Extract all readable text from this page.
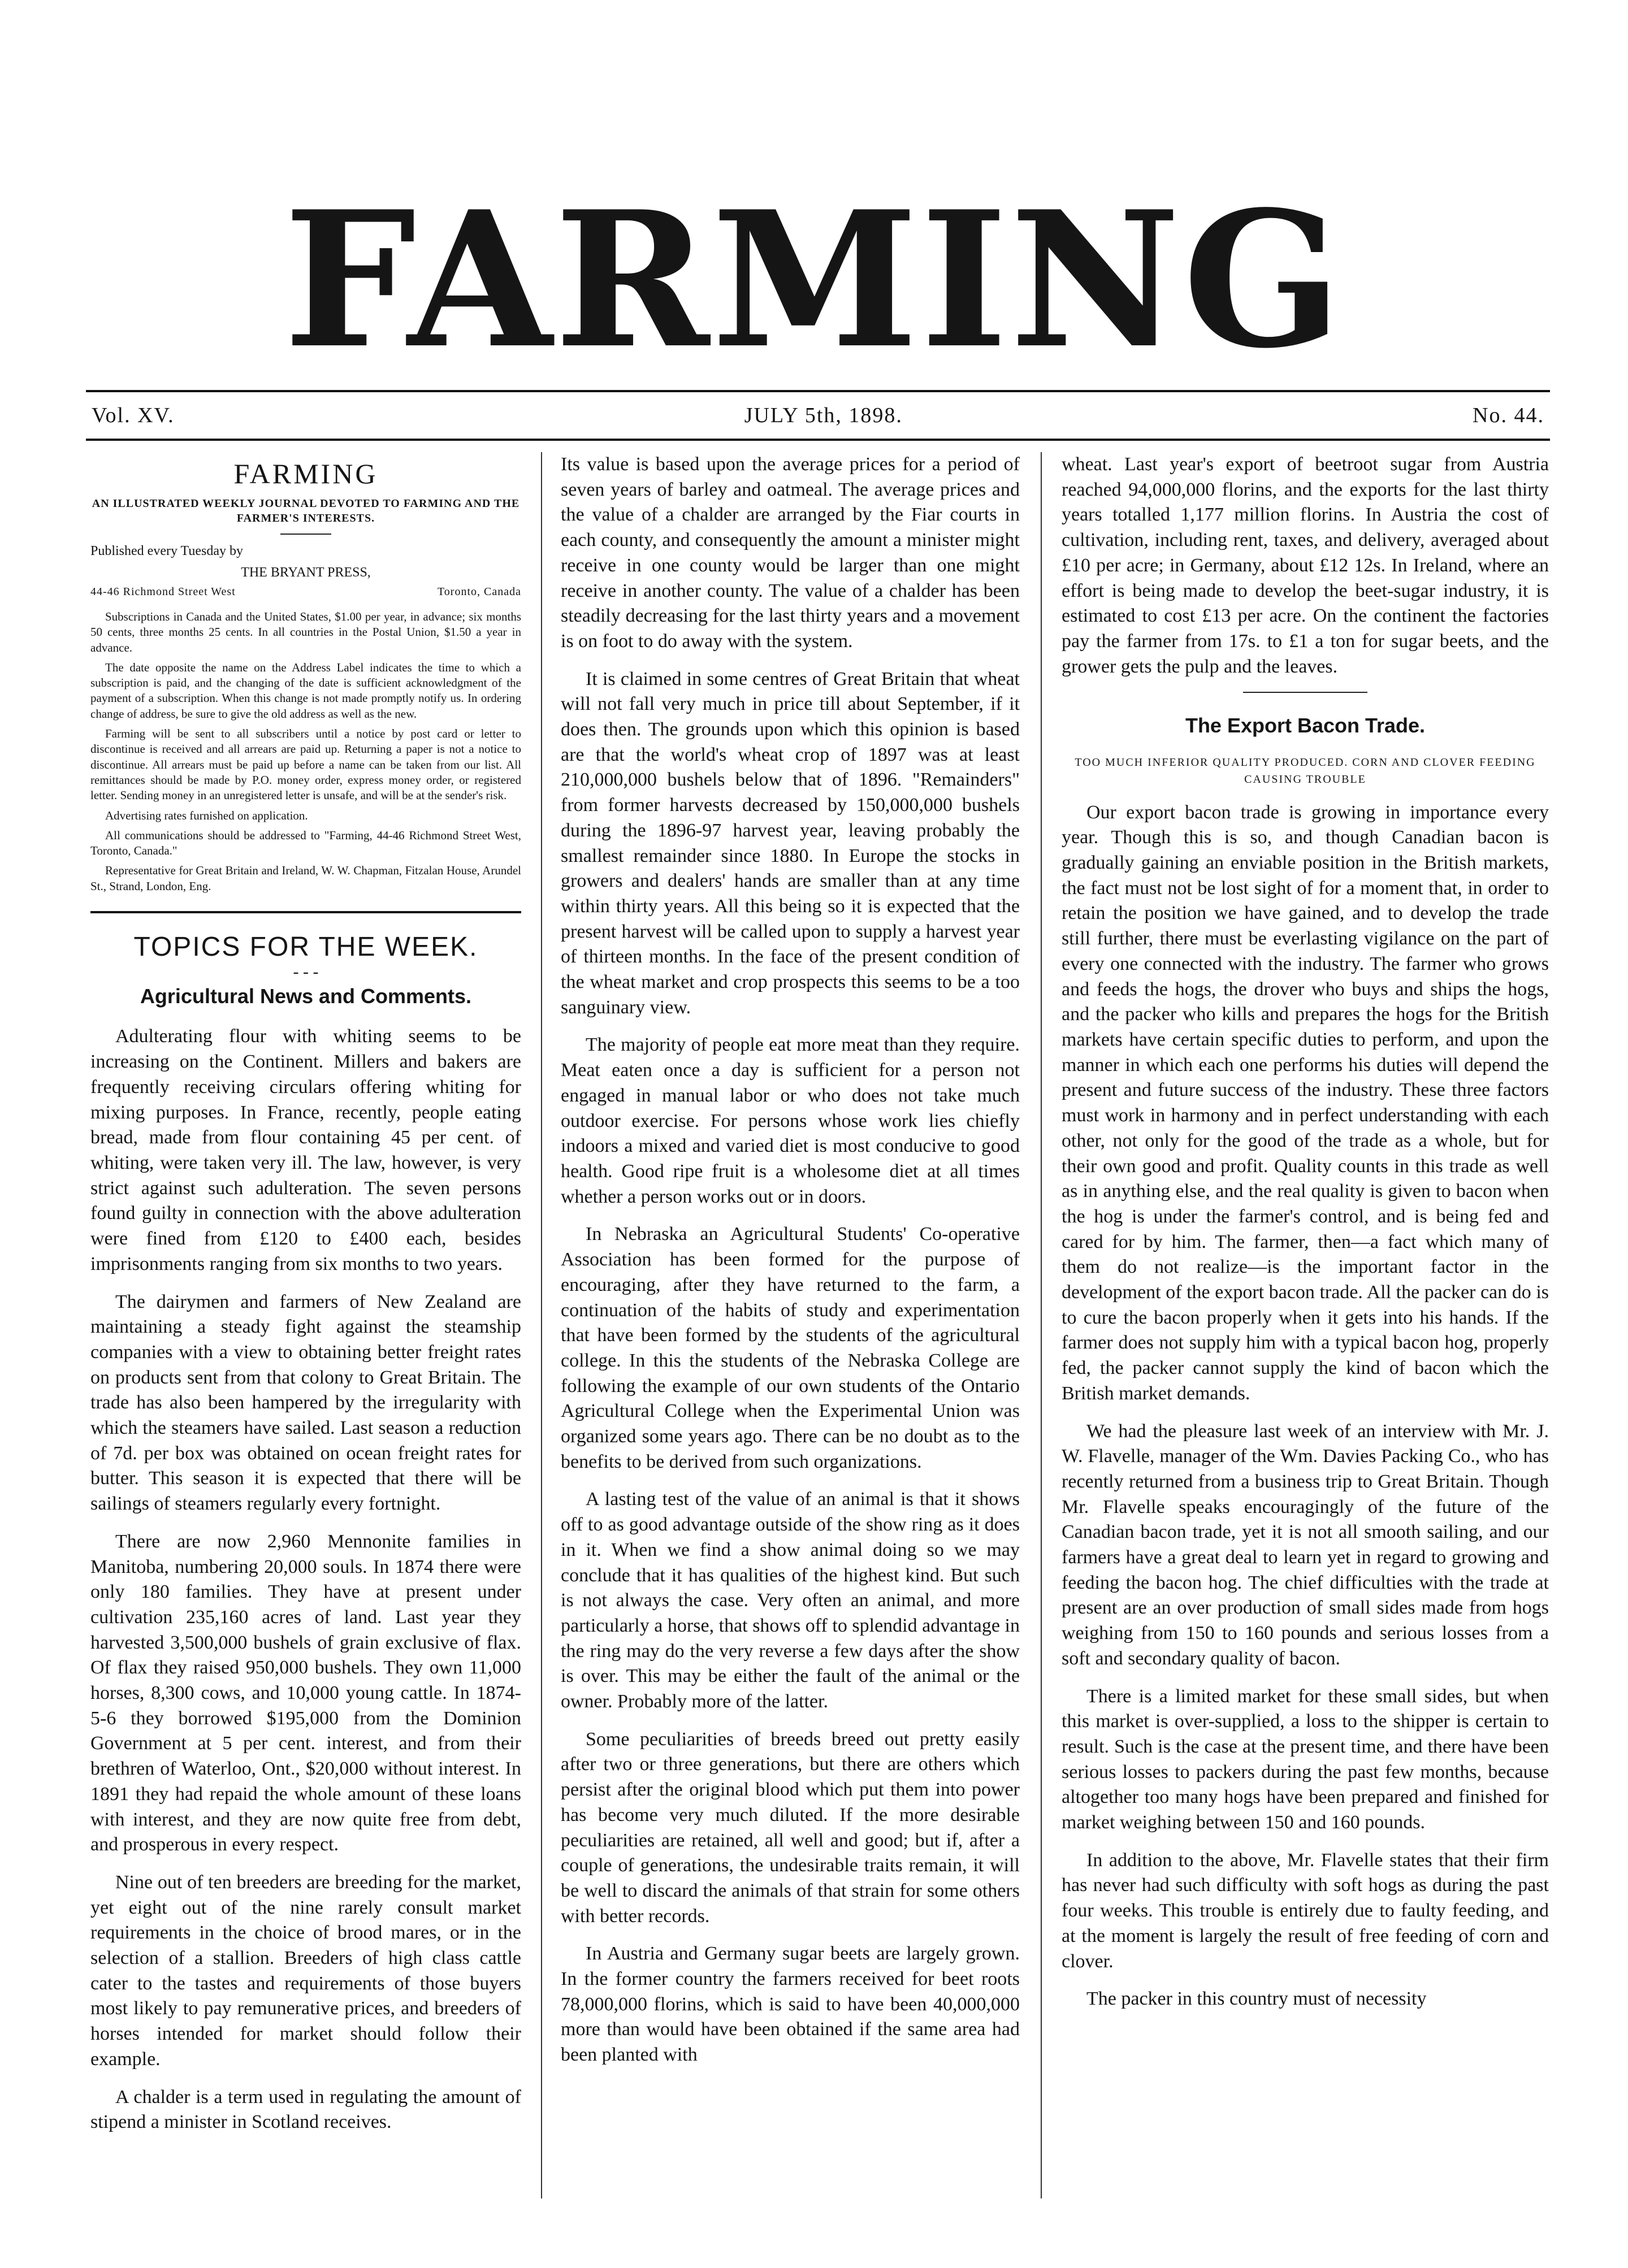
FARMING
Vol. XV.	JULY 5th, 1898.	No. 44.
FARMING
AN ILLUSTRATED WEEKLY JOURNAL DEVOTED TO FARMING AND THE FARMER'S INTERESTS.

Published every Tuesday by

THE BRYANT PRESS,

44-46 Richmond Street West	Toronto, Canada

Subscriptions in Canada and the United States, $1.00 per year, in advance; six months 50 cents, three months 25 cents. In all countries in the Postal Union, $1.50 a year in advance.

The date opposite the name on the Address Label indicates the time to which a subscription is paid, and the changing of the date is sufficient acknowledgment of the payment of a subscription. When this change is not made promptly notify us. In ordering change of address, be sure to give the old address as well as the new.

Farming will be sent to all subscribers until a notice by post card or letter to discontinue is received and all arrears are paid up. Returning a paper is not a notice to discontinue. All arrears must be paid up before a name can be taken from our list. All remittances should be made by P.O. money order, express money order, or registered letter. Sending money in an unregistered letter is unsafe, and will be at the sender's risk.

Advertising rates furnished on application.

All communications should be addressed to "Farming, 44-46 Richmond Street West, Toronto, Canada."

Representative for Great Britain and Ireland, W. W. Chapman, Fitzalan House, Arundel St., Strand, London, Eng.

TOPICS FOR THE WEEK.
- - -
Agricultural News and Comments.

Adulterating flour with whiting seems to be increasing on the Continent. Millers and bakers are frequently receiving circulars offering whiting for mixing purposes. In France, recently, people eating bread, made from flour containing 45 per cent. of whiting, were taken very ill. The law, however, is very strict against such adulteration. The seven persons found guilty in connection with the above adulteration were fined from £120 to £400 each, besides imprisonments ranging from six months to two years.

The dairymen and farmers of New Zealand are maintaining a steady fight against the steamship companies with a view to obtaining better freight rates on products sent from that colony to Great Britain. The trade has also been hampered by the irregularity with which the steamers have sailed. Last season a reduction of 7d. per box was obtained on ocean freight rates for butter. This season it is expected that there will be sailings of steamers regularly every fortnight.

There are now 2,960 Mennonite families in Manitoba, numbering 20,000 souls. In 1874 there were only 180 families. They have at present under cultivation 235,160 acres of land. Last year they harvested 3,500,000 bushels of grain exclusive of flax. Of flax they raised 950,000 bushels. They own 11,000 horses, 8,300 cows, and 10,000 young cattle. In 1874-5-6 they borrowed $195,000 from the Dominion Government at 5 per cent. interest, and from their brethren of Waterloo, Ont., $20,000 without interest. In 1891 they had repaid the whole amount of these loans with interest, and they are now quite free from debt, and prosperous in every respect.

Nine out of ten breeders are breeding for the market, yet eight out of the nine rarely consult market requirements in the choice of brood mares, or in the selection of a stallion. Breeders of high class cattle cater to the tastes and requirements of those buyers most likely to pay remunerative prices, and breeders of horses intended for market should follow their example.

A chalder is a term used in regulating the amount of stipend a minister in Scotland receives.

Its value is based upon the average prices for a period of seven years of barley and oatmeal. The average prices and the value of a chalder are arranged by the Fiar courts in each county, and consequently the amount a minister might receive in one county would be larger than one might receive in another county. The value of a chalder has been steadily decreasing for the last thirty years and a movement is on foot to do away with the system.

It is claimed in some centres of Great Britain that wheat will not fall very much in price till about September, if it does then. The grounds upon which this opinion is based are that the world's wheat crop of 1897 was at least 210,000,000 bushels below that of 1896. "Remainders" from former harvests decreased by 150,000,000 bushels during the 1896-97 harvest year, leaving probably the smallest remainder since 1880. In Europe the stocks in growers and dealers' hands are smaller than at any time within thirty years. All this being so it is expected that the present harvest will be called upon to supply a harvest year of thirteen months. In the face of the present condition of the wheat market and crop prospects this seems to be a too sanguinary view.

The majority of people eat more meat than they require. Meat eaten once a day is sufficient for a person not engaged in manual labor or who does not take much outdoor exercise. For persons whose work lies chiefly indoors a mixed and varied diet is most conducive to good health. Good ripe fruit is a wholesome diet at all times whether a person works out or in doors.

In Nebraska an Agricultural Students' Co-operative Association has been formed for the purpose of encouraging, after they have returned to the farm, a continuation of the habits of study and experimentation that have been formed by the students of the agricultural college. In this the students of the Nebraska College are following the example of our own students of the Ontario Agricultural College when the Experimental Union was organized some years ago. There can be no doubt as to the benefits to be derived from such organizations.

A lasting test of the value of an animal is that it shows off to as good advantage outside of the show ring as it does in it. When we find a show animal doing so we may conclude that it has qualities of the highest kind. But such is not always the case. Very often an animal, and more particularly a horse, that shows off to splendid advantage in the ring may do the very reverse a few days after the show is over. This may be either the fault of the animal or the owner. Probably more of the latter.

Some peculiarities of breeds breed out pretty easily after two or three generations, but there are others which persist after the original blood which put them into power has become very much diluted. If the more desirable peculiarities are retained, all well and good; but if, after a couple of generations, the undesirable traits remain, it will be well to discard the animals of that strain for some others with better records.

In Austria and Germany sugar beets are largely grown. In the former country the farmers received for beet roots 78,000,000 florins, which is said to have been 40,000,000 more than would have been obtained if the same area had been planted with

wheat. Last year's export of beetroot sugar from Austria reached 94,000,000 florins, and the exports for the last thirty years totalled 1,177 million florins. In Austria the cost of cultivation, including rent, taxes, and delivery, averaged about £10 per acre; in Germany, about £12 12s. In Ireland, where an effort is being made to develop the beet-sugar industry, it is estimated to cost £13 per acre. On the continent the factories pay the farmer from 17s. to £1 a ton for sugar beets, and the grower gets the pulp and the leaves.

The Export Bacon Trade.
TOO MUCH INFERIOR QUALITY PRODUCED. CORN AND CLOVER FEEDING CAUSING TROUBLE

Our export bacon trade is growing in importance every year. Though this is so, and though Canadian bacon is gradually gaining an enviable position in the British markets, the fact must not be lost sight of for a moment that, in order to retain the position we have gained, and to develop the trade still further, there must be everlasting vigilance on the part of every one connected with the industry. The farmer who grows and feeds the hogs, the drover who buys and ships the hogs, and the packer who kills and prepares the hogs for the British markets have certain specific duties to perform, and upon the manner in which each one performs his duties will depend the present and future success of the industry. These three factors must work in harmony and in perfect understanding with each other, not only for the good of the trade as a whole, but for their own good and profit. Quality counts in this trade as well as in anything else, and the real quality is given to bacon when the hog is under the farmer's control, and is being fed and cared for by him. The farmer, then—a fact which many of them do not realize—is the important factor in the development of the export bacon trade. All the packer can do is to cure the bacon properly when it gets into his hands. If the farmer does not supply him with a typical bacon hog, properly fed, the packer cannot supply the kind of bacon which the British market demands.

We had the pleasure last week of an interview with Mr. J. W. Flavelle, manager of the Wm. Davies Packing Co., who has recently returned from a business trip to Great Britain. Though Mr. Flavelle speaks encouragingly of the future of the Canadian bacon trade, yet it is not all smooth sailing, and our farmers have a great deal to learn yet in regard to growing and feeding the bacon hog. The chief difficulties with the trade at present are an over production of small sides made from hogs weighing from 150 to 160 pounds and serious losses from a soft and secondary quality of bacon.

There is a limited market for these small sides, but when this market is over-supplied, a loss to the shipper is certain to result. Such is the case at the present time, and there have been serious losses to packers during the past few months, because altogether too many hogs have been prepared and finished for market weighing between 150 and 160 pounds.

In addition to the above, Mr. Flavelle states that their firm has never had such difficulty with soft hogs as during the past four weeks. This trouble is entirely due to faulty feeding, and at the moment is largely the result of free feeding of corn and clover.

The packer in this country must of necessity
